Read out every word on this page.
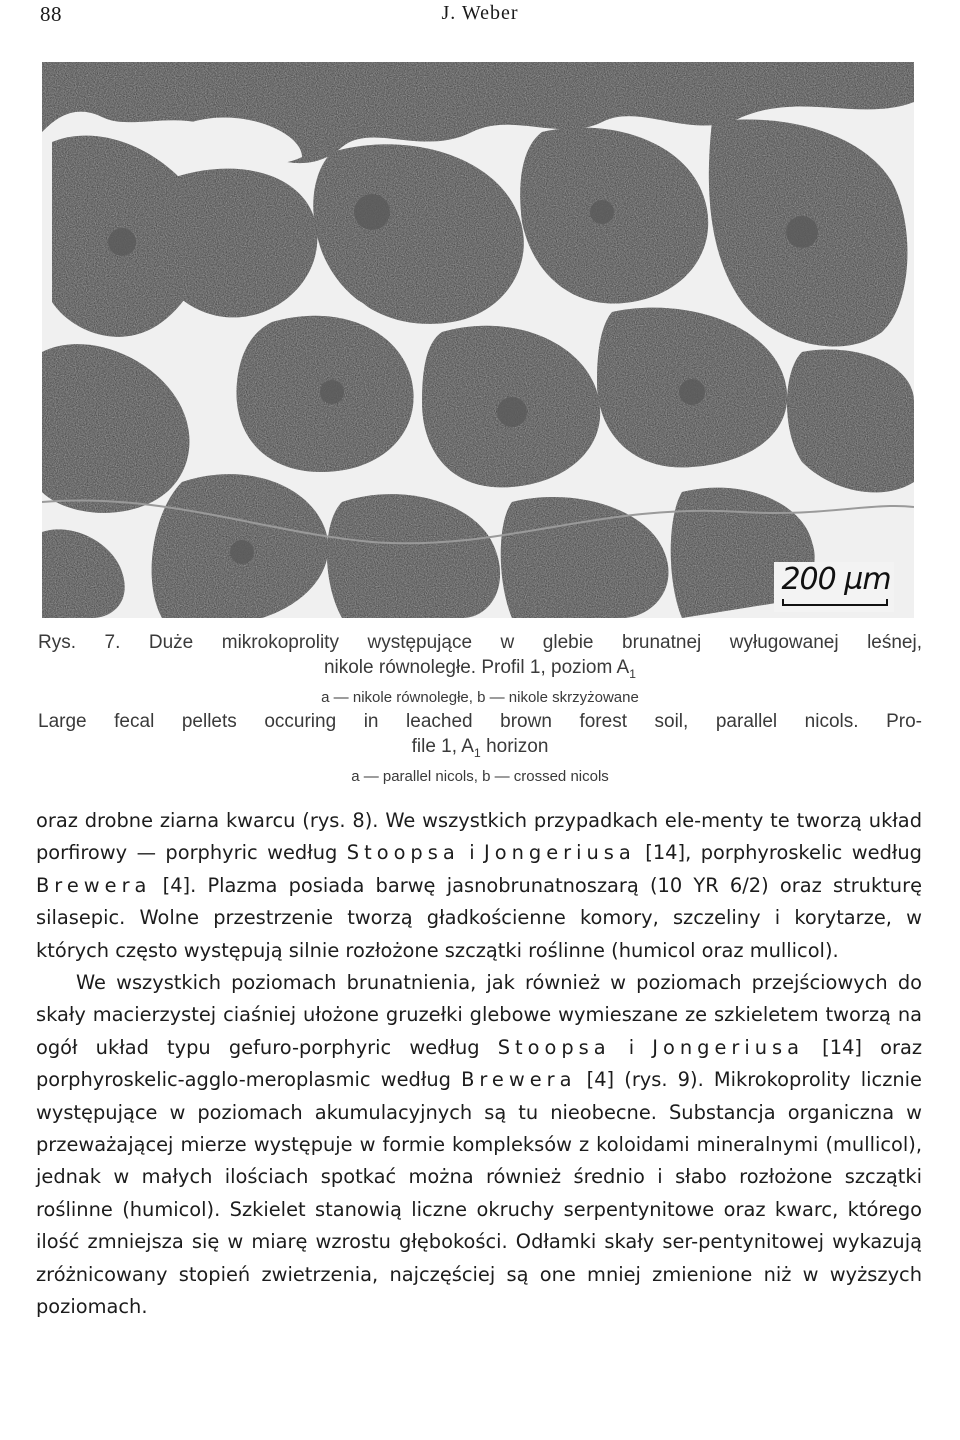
88	J. Weber
200 µm
Rys. 7. Duże mikrokoprolity występujące w glebie brunatnej wyługowanej leśnej,
nikole równoległe. Profil 1, poziom $A_1$
a — nikole równoległe, b — nikole skrzyżowane
Large fecal pellets occuring in leached brown forest soil, parallel nicols. Pro-
file 1, $A_1$ horizon
a — parallel nicols, b — crossed nicols

oraz drobne ziarna kwarcu (rys. 8). We wszystkich przypadkach ele-menty te tworzą układ porfirowy — porphyric według Stoopsa i Jongeriusa [14], porphyroskelic według Brewera [4]. Plazma posiada barwę jasnobrunatnoszarą (10 YR 6/2) oraz strukturę silasepic. Wolne przestrzenie tworzą gładkościenne komory, szczeliny i korytarze, w których często występują silnie rozłożone szczątki roślinne (humicol oraz mullicol).

We wszystkich poziomach brunatnienia, jak również w poziomach przejściowych do skały macierzystej ciaśniej ułożone gruzełki glebowe wymieszane ze szkieletem tworzą na ogół układ typu gefuro-porphyric według Stoopsa i Jongeriusa [14] oraz porphyroskelic-agglo-meroplasmic według Brewera [4] (rys. 9). Mikrokoprolity licznie występujące w poziomach akumulacyjnych są tu nieobecne. Substancja organiczna w przeważającej mierze występuje w formie kompleksów z koloidami mineralnymi (mullicol), jednak w małych ilościach spotkać można również średnio i słabo rozłożone szczątki roślinne (humicol). Szkielet stanowią liczne okruchy serpentynitowe oraz kwarc, którego ilość zmniejsza się w miarę wzrostu głębokości. Odłamki skały ser-pentynitowej wykazują zróżnicowany stopień zwietrzenia, najczęściej są one mniej zmienione niż w wyższych poziomach.
